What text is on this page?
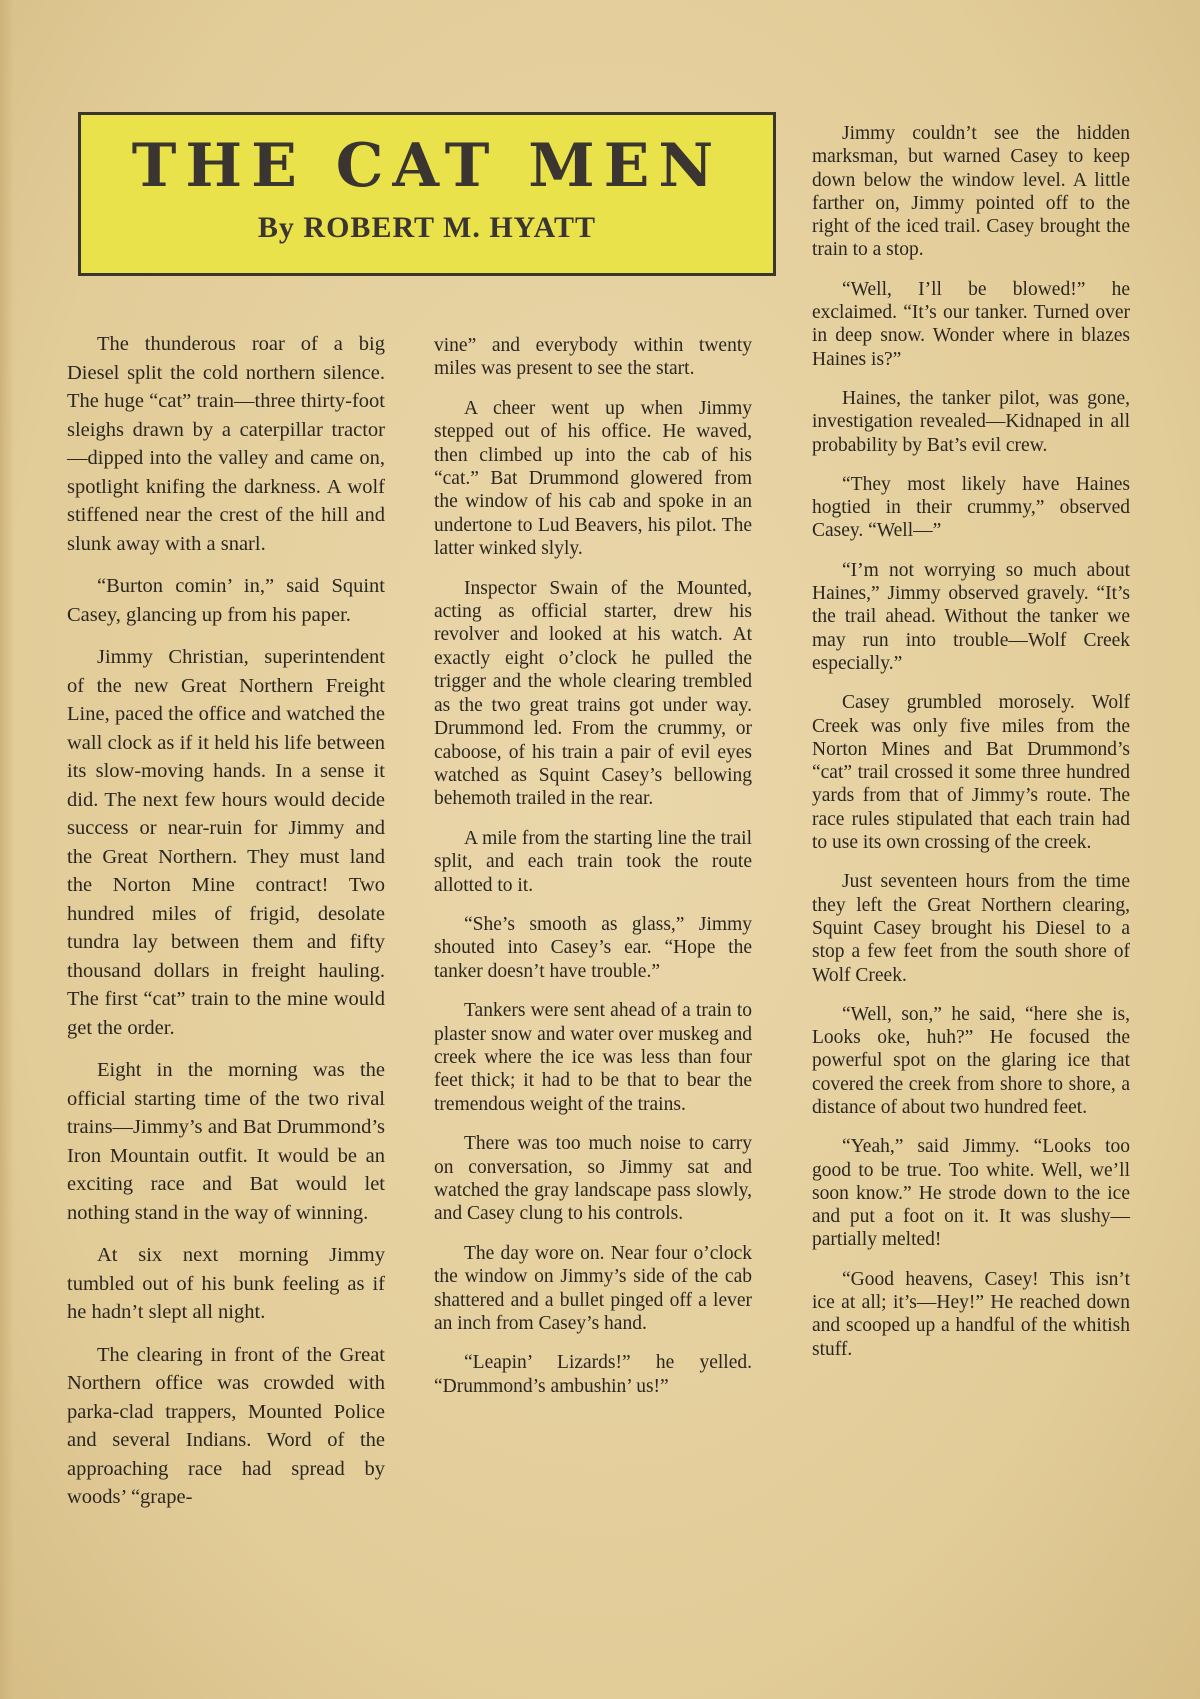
THE CAT MEN
By ROBERT M. HYATT

The thunderous roar of a big Diesel split the cold northern silence. The huge “cat” train—three thirty-foot sleighs drawn by a caterpillar tractor—dipped into the valley and came on, spotlight knifing the darkness. A wolf stiffened near the crest of the hill and slunk away with a snarl.

“Burton comin’ in,” said Squint Casey, glancing up from his paper.

Jimmy Christian, superintendent of the new Great Northern Freight Line, paced the office and watched the wall clock as if it held his life between its slow-moving hands. In a sense it did. The next few hours would decide success or near-ruin for Jimmy and the Great Northern. They must land the Norton Mine contract! Two hundred miles of frigid, desolate tundra lay between them and fifty thousand dollars in freight hauling. The first “cat” train to the mine would get the order.

Eight in the morning was the official starting time of the two rival trains—Jimmy’s and Bat Drummond’s Iron Mountain outfit. It would be an exciting race and Bat would let nothing stand in the way of winning.

At six next morning Jimmy tumbled out of his bunk feeling as if he hadn’t slept all night.

The clearing in front of the Great Northern office was crowded with parka-clad trappers, Mounted Police and several Indians. Word of the approaching race had spread by woods’ “grape-

vine” and everybody within twenty miles was present to see the start.

A cheer went up when Jimmy stepped out of his office. He waved, then climbed up into the cab of his “cat.” Bat Drummond glowered from the window of his cab and spoke in an undertone to Lud Beavers, his pilot. The latter winked slyly.

Inspector Swain of the Mounted, acting as official starter, drew his revolver and looked at his watch. At exactly eight o’clock he pulled the trigger and the whole clearing trembled as the two great trains got under way. Drummond led. From the crummy, or caboose, of his train a pair of evil eyes watched as Squint Casey’s bellowing behemoth trailed in the rear.

A mile from the starting line the trail split, and each train took the route allotted to it.

“She’s smooth as glass,” Jimmy shouted into Casey’s ear. “Hope the tanker doesn’t have trouble.”

Tankers were sent ahead of a train to plaster snow and water over muskeg and creek where the ice was less than four feet thick; it had to be that to bear the tremendous weight of the trains.

There was too much noise to carry on conversation, so Jimmy sat and watched the gray landscape pass slowly, and Casey clung to his controls.

The day wore on. Near four o’clock the window on Jimmy’s side of the cab shattered and a bullet pinged off a lever an inch from Casey’s hand.

“Leapin’ Lizards!” he yelled. “Drummond’s ambushin’ us!”

Jimmy couldn’t see the hidden marksman, but warned Casey to keep down below the window level. A little farther on, Jimmy pointed off to the right of the iced trail. Casey brought the train to a stop.

“Well, I’ll be blowed!” he exclaimed. “It’s our tanker. Turned over in deep snow. Wonder where in blazes Haines is?”

Haines, the tanker pilot, was gone, investigation revealed—Kidnaped in all probability by Bat’s evil crew.

“They most likely have Haines hogtied in their crummy,” observed Casey. “Well—”

“I’m not worrying so much about Haines,” Jimmy observed gravely. “It’s the trail ahead. Without the tanker we may run into trouble—Wolf Creek especially.”

Casey grumbled morosely. Wolf Creek was only five miles from the Norton Mines and Bat Drummond’s “cat” trail crossed it some three hundred yards from that of Jimmy’s route. The race rules stipulated that each train had to use its own crossing of the creek.

Just seventeen hours from the time they left the Great Northern clearing, Squint Casey brought his Diesel to a stop a few feet from the south shore of Wolf Creek.

“Well, son,” he said, “here she is, Looks oke, huh?” He focused the powerful spot on the glaring ice that covered the creek from shore to shore, a distance of about two hundred feet.

“Yeah,” said Jimmy. “Looks too good to be true. Too white. Well, we’ll soon know.” He strode down to the ice and put a foot on it. It was slushy—partially melted!

“Good heavens, Casey! This isn’t ice at all; it’s—Hey!” He reached down and scooped up a handful of the whitish stuff.
